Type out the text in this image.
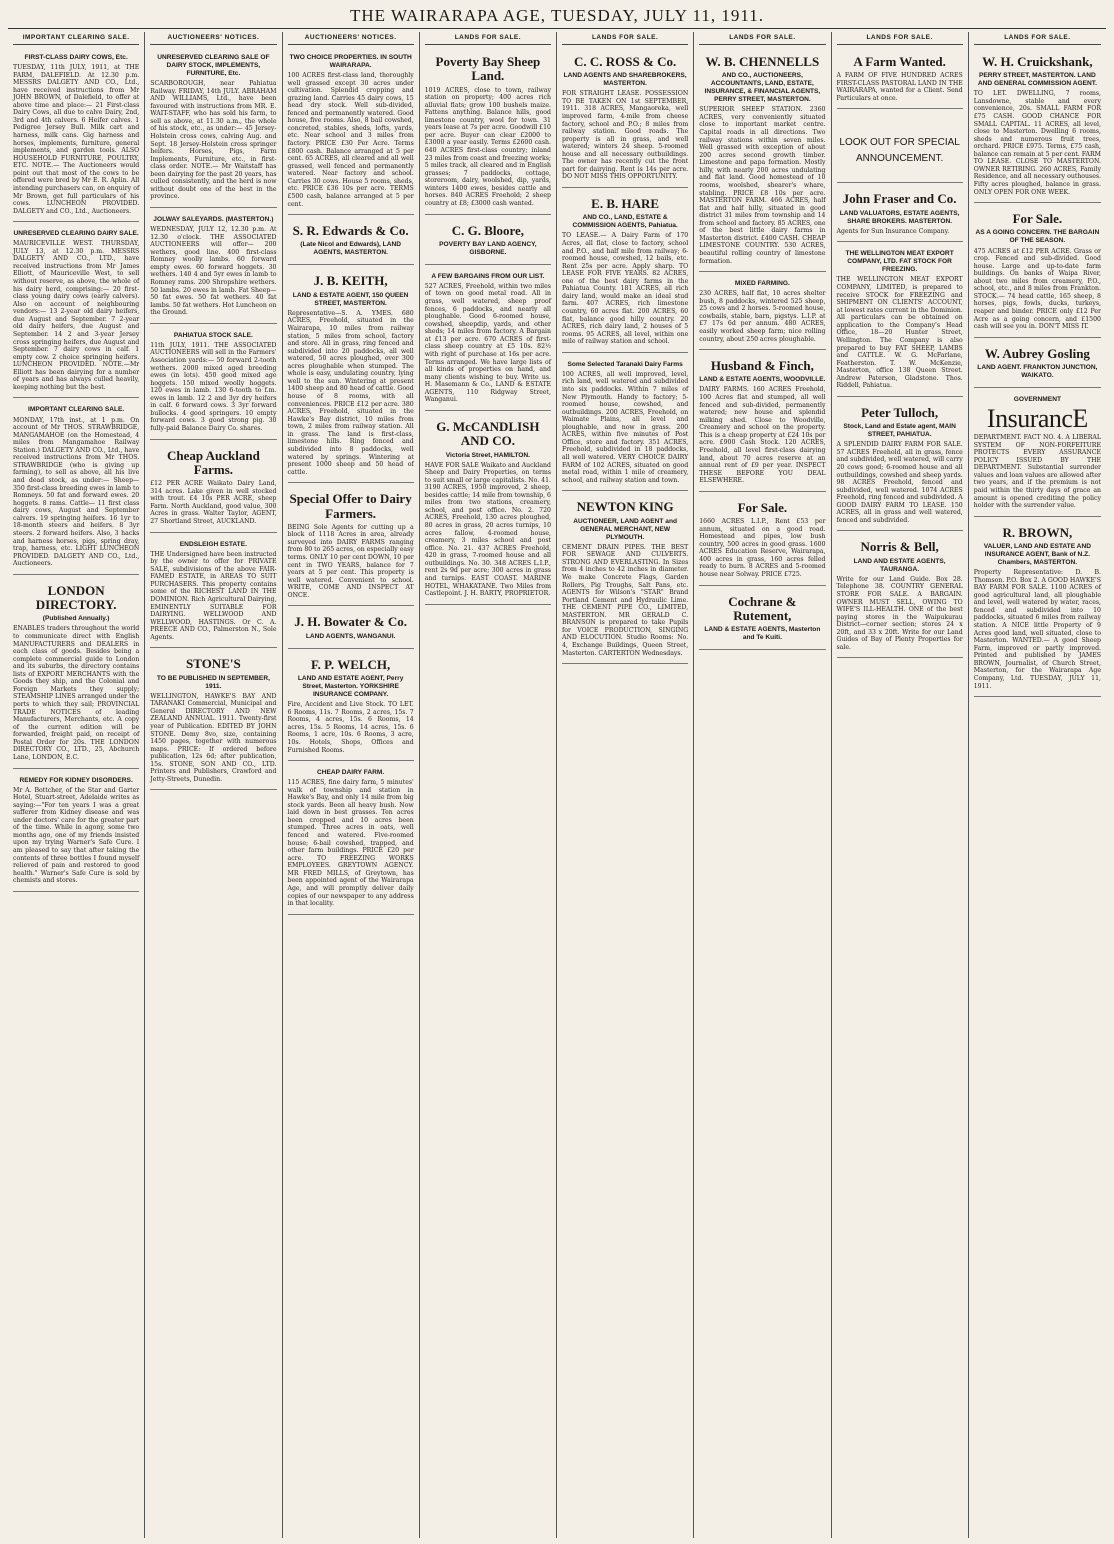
THE WAIRARAPA AGE, TUESDAY, JULY 11, 1911.
IMPORTANT CLEARING SALE.
FIRST-CLASS DAIRY COWS, Etc.

TUESDAY, 11th JULY, 1911, at THE FARM, DALEFIELD. At 12.30 p.m. MESSRS DALGETY AND CO., Ltd., have received instructions from Mr JOHN BROWN, of Dalefield, to offer at above time and place:— 21 First-class Dairy Cows, all due to calve Dairy, 2nd, 3rd and 4th calvers. 6 Heifer calves. 1 Pedigree Jersey Bull. Milk cart and harness, milk cans. Gig harness and horses, implements, furniture, general implements, and garden tools. ALSO HOUSEHOLD FURNITURE, POULTRY, ETC. NOTE.— The Auctioneers would point out that most of the cows to be offered were bred by Mr E. R. Aplin. All intending purchasers can, on enquiry of Mr Brown, get full particulars of his cows. LUNCHEON PROVIDED. DALGETY and CO., Ltd., Auctioneers.

UNRESERVED CLEARING DAIRY SALE.

MAURICEVILLE WEST. THURSDAY, JULY 13, at 12.30 p.m. MESSRS DALGETY AND CO., LTD., have received instructions from Mr James Elliott, of Mauriceville West, to sell without reserve, as above, the whole of his dairy herd, comprising:— 20 first-class young dairy cows (early calvers). Also on account of neighbouring vendors:— 13 2-year old dairy heifers, due August and September. 7 2-year old dairy heifers, due August and September. 14 2 and 3-year Jersey cross springing heifers, due August and September. 7 dairy cows in calf. 1 empty cow. 2 choice springing heifers. LUNCHEON PROVIDED. NOTE.—Mr Elliott has been dairying for a number of years and has always culled heavily, keeping nothing but the best.

IMPORTANT CLEARING SALE.

MONDAY, 17th inst., at 1 p.m. On account of Mr THOS. STRAWBRIDGE, MANGAMAHOE (on the Homestead, 4 miles from Mangamahoe Railway Station.) DALGETY AND CO., Ltd., have received instructions from Mr THOS. STRAWBRIDGE (who is giving up farming), to sell as above, all his live and dead stock, as under:— Sheep— 350 first-class breeding ewes in lamb to Romneys. 50 fat and forward ewes. 20 hoggets. 8 rams. Cattle— 11 first class dairy cows, August and September calvers. 19 springing heifers. 16 1yr to 18-month steers and heifers. 8 3yr steers. 2 forward heifers. Also, 3 hacks and harness horses, pigs, spring dray, trap, harness, etc. LIGHT LUNCHEON PROVIDED. DALGETY AND CO., Ltd., Auctioneers.

LONDON DIRECTORY.
(Published Annually.)

ENABLES traders throughout the world to communicate direct with English MANUFACTURERS and DEALERS in each class of goods. Besides being a complete commercial guide to London and its suburbs, the directory contains lists of EXPORT MERCHANTS with the Goods they ship, and the Colonial and Foreign Markets they supply; STEAMSHIP LINES arranged under the ports to which they sail; PROVINCIAL TRADE NOTICES of leading Manufacturers, Merchants, etc. A copy of the current edition will be forwarded, freight paid, on receipt of Postal Order for 20s. THE LONDON DIRECTORY CO., LTD., 25, Abchurch Lane, LONDON, E.C.

REMEDY FOR KIDNEY DISORDERS.

Mr A. Bottcher, of the Star and Garter Hotel, Stuart-street, Adelaide writes as saying:—"For ten years I was a great sufferer from Kidney disease and was under doctors' care for the greater part of the time. While in agony, some two months ago, one of my friends insisted upon my trying Warner's Safe Cure. I am pleased to say that after taking the contents of three bottles I found myself relieved of pain and restored to good health." Warner's Safe Cure is sold by chemists and stores.

AUCTIONEERS' NOTICES.
UNRESERVED CLEARING SALE OF DAIRY STOCK, IMPLEMENTS, FURNITURE, Etc.

SCARBOROUGH, near Pahiatua Railway. FRIDAY, 14th JULY. ABRAHAM AND WILLIAMS, Ltd., have been favoured with instructions from MR. E. WAIT-STAFF, who has sold his farm, to sell as above, at 11.30 a.m., the whole of his stock, etc., as under:— 45 Jersey-Holstein cross cows, calving Aug. and Sept. 18 Jersey-Holstein cross springer heifers. Horses, Pigs, Farm Implements, Furniture, etc., in first-class order. NOTE.— Mr Waitstaff has been dairying for the past 20 years, has culled consistently, and the herd is now without doubt one of the best in the province.

JOLWAY SALEYARDS. (MASTERTON.)

WEDNESDAY, JULY 12, 12.30 p.m. At 12.30 o'clock. THE ASSOCIATED AUCTIONEERS will offer— 200 wethers, good line. 400 first-class Romney woolly lambs. 60 forward empty ewes. 60 forward hoggets. 30 wethers. 140 4 and 5yr ewes in lamb to Romney rams. 200 Shropshire wethers. 50 lambs. 20 ewes in lamb. Fat Sheep— 50 fat ewes. 50 fat wethers. 40 fat lambs. 50 fat wethers. Hot Luncheon on the Ground.

PAHIATUA STOCK SALE.

11th JULY, 1911. THE ASSOCIATED AUCTIONEERS will sell in the Farmers' Association yards:— 50 forward 2-tooth wethers. 2000 mixed aged breeding ewes (in lots). 450 good mixed age hoggets. 150 mixed woolly hoggets. 120 ewes in lamb. 130 6-tooth to f.m. ewes in lamb. 12 2 and 3yr dry heifers in calf. 6 forward cows. 3 3yr forward bullocks. 4 good springers. 10 empty forward cows. 3 good strong pig. 30 fully-paid Balance Dairy Co. shares.

Cheap Auckland Farms.

£12 PER ACRE Waikato Dairy Land, 314 acres. Lake given in well stocked with trout. £4 10s PER ACRE, sheep Farm. North Auckland, good value, 300 Acres in grass. Walter Taylor, AGENT, 27 Shortland Street, AUCKLAND.

ENDSLEIGH ESTATE.

THE Undersigned have been instructed by the owner to offer for PRIVATE SALE, subdivisions of the above FAIR-FAMED ESTATE, in AREAS TO SUIT PURCHASERS. This property contains some of the RICHEST LAND IN THE DOMINION. Rich Agricultural Dairying, EMINENTLY SUITABLE FOR DAIRYING. WELLWOOD AND WELLWOOD, HASTINGS. Or C. A. PREECE AND CO., Palmerston N., Sole Agents.

STONE'S
TO BE PUBLISHED IN SEPTEMBER, 1911.

WELLINGTON, HAWKE'S BAY AND TARANAKI Commercial, Municipal and General DIRECTORY AND NEW ZEALAND ANNUAL. 1911. Twenty-first year of Publication. EDITED BY JOHN STONE. Demy 8vo, size, containing 1450 pages, together with numerous maps. PRICE: If ordered before publication, 12s 6d; after publication, 15s. STONE, SON AND CO., LTD. Printers and Publishers, Crawford and Jetty-Streets, Dunedin.

AUCTIONEERS' NOTICES.
TWO CHOICE PROPERTIES. IN SOUTH WAIRARAPA.

100 ACRES first-class land, thoroughly well grassed except 30 acres under cultivation. Splendid cropping and grazing land. Carries 45 dairy cows, 15 head dry stock. Well sub-divided, fenced and permanently watered. Good house, five rooms. Also, 8 bail cowshed, concreted, stables, sheds, lofts, yards, etc. Near school and 3 miles from factory. PRICE £30 Per Acre. Terms £800 cash. Balance arranged at 5 per cent. 65 ACRES, all cleared and all well grassed, well fenced and permanently watered. Near factory and school. Carries 30 cows. House 5 rooms, sheds, etc. PRICE £36 10s per acre. TERMS £500 cash, balance arranged at 5 per cent.

S. R. Edwards & Co.
(Late Nicol and Edwards), LAND AGENTS, MASTERTON.
J. B. KEITH,
LAND & ESTATE AGENT, 150 QUEEN STREET, MASTERTON.

Representative—S. A. YMES. 680 ACRES, Freehold, situated in the Wairarapa, 10 miles from railway station, 5 miles from school, factory and store. All in grass, ring fenced and subdivided into 20 paddocks, all well watered, 50 acres ploughed, over 300 acres ploughable when stumped. The whole is easy, undulating country, lying well to the sun. Wintering at present 1400 sheep and 80 head of cattle. Good house of 8 rooms, with all conveniences. PRICE £12 per acre. 380 ACRES, Freehold, situated in the Hawke's Bay district, 10 miles from town, 2 miles from railway station. All in grass. The land is first-class, limestone hills. Ring fenced and subdivided into 8 paddocks, well watered by springs. Wintering at present 1000 sheep and 50 head of cattle.

Special Offer to Dairy Farmers.

BEING Sole Agents for cutting up a block of 1118 Acres in area, already surveyed into DAIRY FARMS ranging from 80 to 265 acres, on especially easy terms. ONLY 10 per cent DOWN, 10 per cent in TWO YEARS, balance for 7 years at 5 per cent. This property is well watered. Convenient to school. WRITE, COME AND INSPECT AT ONCE.

J. H. Bowater & Co.
LAND AGENTS, WANGANUI.
F. P. WELCH,
LAND AND ESTATE AGENT, Perry Street, Masterton. YORKSHIRE INSURANCE COMPANY.

Fire, Accident and Live Stock. TO LET. 6 Rooms, 11s. 7 Rooms, 2 acres, 15s. 7 Rooms, 4 acres, 15s. 6 Rooms, 14 acres, 15s. 5 Rooms, 14 acres, 15s. 6 Rooms, 1 acre, 10s. 6 Rooms, 3 acre, 10s. Hotels, Shops, Offices and Furnished Rooms.

CHEAP DAIRY FARM.

115 ACRES, fine dairy farm, 5 minutes' walk of township and station in Hawke's Bay, and only 14 mile from big stock yards. Been all heavy bush. Now laid down in best grasses. Ten acres been cropped and 10 acres been stumped. Three acres in oats, well fenced and watered. Five-roomed house; 6-bail cowshed, trapped, and other farm buildings. PRICE £20 per acre. TO FREEZING WORKS EMPLOYEES. GREYTOWN AGENCY. MR FRED MILLS, of Greytown, has been appointed agent of the Wairarapa Age, and will promptly deliver daily copies of our newspaper to any address in that locality.

LANDS FOR SALE.
Poverty Bay Sheep Land.

1019 ACRES, close to town, railway station on property; 400 acres rich alluvial flats; grow 100 bushels maize. Fattens anything. Balance hills, good limestone country, wool for town. 31 years lease at 7s per acre. Goodwill £10 per acre. Buyer can clear £2000 to £3000 a year easily. Terms £2600 cash. 640 ACRES first-class country; inland 23 miles from coast and freezing works; 5 miles track, all cleared and in English grasses; 7 paddocks, cottage, storeroom, dairy, woolshed, dip, yards, winters 1400 ewes, besides cattle and horses. 840 ACRES Freehold; 2 sheep country at £8; £3000 cash wanted.

C. G. Bloore,
POVERTY BAY LAND AGENCY, GISBORNE.
A FEW BARGAINS FROM OUR LIST.

527 ACRES, Freehold, within two miles of town on good metal road. All in grass, well watered, sheep proof fences, 6 paddocks, and nearly all ploughable. Good 6-roomed house, cowshed, sheepdip, yards, and other sheds; 14 miles from factory. A Bargain at £13 per acre. 670 ACRES of first-class sheep country at £5 10s. 82½ with right of purchase at 16s per acre. Terms arranged. We have large lists of all kinds of properties on hand, and many clients wishing to buy. Write us. H. Masemann & Co., LAND & ESTATE AGENTS, 110 Ridgway Street, Wanganui.

G. McCANDLISH AND CO.
Victoria Street, HAMILTON.

HAVE FOR SALE Waikato and Auckland Sheep and Dairy Properties, on terms to suit small or large capitalists. No. 41. 3190 ACRES, 1950 improved, 2 sheep, besides cattle; 14 mile from township, 6 miles from two stations, creamery, school, and post office. No. 2. 720 ACRES, Freehold, 130 acres ploughed, 80 acres in grass, 20 acres turnips, 10 acres fallow, 4-roomed house, creamery, 3 miles school and post office. No. 21. 437 ACRES Freehold, 420 in grass, 7-roomed house and all outbuildings. No. 30. 348 ACRES L.I.P., rent 2s 9d per acre; 300 acres in grass and turnips. EAST COAST. MARINE HOTEL, WHAKATANE. Two Miles from Castlepoint. J. H. BARTY, PROPRIETOR.

LANDS FOR SALE.
C. C. ROSS & Co.
LAND AGENTS AND SHAREBROKERS, MASTERTON.

FOR STRAIGHT LEASE. POSSESSION TO BE TAKEN ON 1st SEPTEMBER, 1911. 318 ACRES, Mangaoreka, well improved farm, 4-mile from cheese factory, school and P.O.; 8 miles from railway station. Good roads. The property is all in grass, and well watered; winters 24 sheep. 5-roomed house and all necessary outbuildings. The owner has recently cut the front part for dairying. Rent is 14s per acre. DO NOT MISS THIS OPPORTUNITY.

E. B. HARE
AND CO., LAND, ESTATE & COMMISSION AGENTS, Pahiatua.

TO LEASE.— A Dairy Farm of 170 Acres, all flat, close to factory, school and P.O., and half mile from railway; 6-roomed house, cowshed, 12 bails, etc. Rent 25s per acre. Apply sharp. TO LEASE FOR FIVE YEARS. 82 ACRES, one of the best dairy farms in the Pahiatua County. 181 ACRES, all rich dairy land, would make an ideal stud farm. 407 ACRES, rich limestone country, 60 acres flat. 200 ACRES, 60 flat, balance good hilly country. 20 ACRES, rich dairy land, 2 houses of 5 rooms. 95 ACRES, all level, within one mile of railway station and school.

Some Selected Taranaki Dairy Farms

100 ACRES, all well improved, level, rich land, well watered and subdivided into six paddocks. Within 7 miles of New Plymouth. Handy to factory; 5-roomed house, cowshed, and outbuildings. 200 ACRES, Freehold, on Waimate Plains, all level and ploughable, and now in grass. 200 ACRES, within five minutes of Post Office, store and factory. 351 ACRES, Freehold, subdivided in 18 paddocks, all well watered. VERY CHOICE DAIRY FARM of 102 ACRES, situated on good metal road, within 1 mile of creamery, school, and railway station and town.

NEWTON KING
AUCTIONEER, LAND AGENT and GENERAL MERCHANT, NEW PLYMOUTH.

CEMENT DRAIN PIPES. THE BEST FOR SEWAGE AND CULVERTS. STRONG AND EVERLASTING. In Sizes from 4 inches to 42 inches in diameter. We make Concrete Flags, Garden Rollers, Pig Troughs, Salt Pans, etc. AGENTS for Wilson's "STAR" Brand Portland Cement and Hydraulic Lime. THE CEMENT PIPE CO., LIMITED, MASTERTON. MR GERALD C. BRANSON is prepared to take Pupils for VOICE PRODUCTION, SINGING AND ELOCUTION. Studio Rooms: No. 4, Exchange Buildings, Queen Street, Masterton. CARTERTON Wednesdays.

LANDS FOR SALE.
W. B. CHENNELLS
AND CO., AUCTIONEERS, ACCOUNTANTS, LAND, ESTATE, INSURANCE, & FINANCIAL AGENTS, PERRY STREET, MASTERTON.

SUPERIOR SHEEP STATION. 2360 ACRES, very conveniently situated close to important market centre. Capital roads in all directions. Two railway stations within seven miles. Well grassed with exception of about 200 acres second growth timber. Limestone and papa formation. Mostly hilly, with nearly 200 acres undulating and flat land. Good homestead of 10 rooms, woolshed, shearer's whare, stabling. PRICE £8 10s per acre. MASTERTON FARM. 466 ACRES, half flat and half hilly, situated in good district 31 miles from township and 14 from school and factory. 85 ACRES, one of the best little dairy farms in Masterton district. £400 CASH. CHEAP LIMESTONE COUNTRY. 530 ACRES, beautiful rolling country of limestone formation.

MIXED FARMING.

230 ACRES, half flat, 10 acres shelter bush, 8 paddocks, wintered 525 sheep, 25 cows and 2 horses. 5-roomed house, cowbails, stable, barn, pigstys. L.I.P. at £7 17s 6d per annum. 480 ACRES, easily worked sheep farm; nice rolling country, about 250 acres ploughable.

Husband & Finch,
LAND & ESTATE AGENTS, WOODVILLE.

DAIRY FARMS. 160 ACRES Freehold, 100 Acres flat and stumped, all well fenced and sub-divided, permanently watered; new house and splendid milking shed. Close to Woodville, Creamery and school on the property. This is a cheap property at £24 10s per acre. £900 Cash Stock. 120 ACRES, Freehold, all level first-class dairying land, about 70 acres reserve at an annual rent of £9 per year. INSPECT THESE BEFORE YOU DEAL ELSEWHERE.

For Sale.

1660 ACRES L.I.P., Rent £53 per annum, situated on a good road. Homestead and pipes, low bush country, 500 acres in good grass. 1600 ACRES Education Reserve, Wairarapa, 400 acres in grass, 160 acres felled ready to burn. 8 ACRES and 5-roomed house near Solway. PRICE £725.

Cochrane & Rutement,
LAND & ESTATE AGENTS, Masterton and Te Kuiti.
LANDS FOR SALE.
A Farm Wanted.

A FARM OF FIVE HUNDRED ACRES FIRST-CLASS PASTORAL LAND IN THE WAIRARAPA, wanted for a Client. Send Particulars at once.

LOOK OUT FOR SPECIAL ANNOUNCEMENT.
John Fraser and Co.
LAND VALUATORS, ESTATE AGENTS, SHARE BROKERS. MASTERTON.

Agents for Sun Insurance Company.

THE WELLINGTON MEAT EXPORT COMPANY, LTD. FAT STOCK FOR FREEZING.

THE WELLINGTON MEAT EXPORT COMPANY, LIMITED, is prepared to receive STOCK for FREEZING and SHIPMENT ON CLIENTS' ACCOUNT, at lowest rates current in the Dominion. All particulars can be obtained on application to the Company's Head Office, 18—20 Hunter Street, Wellington. The Company is also prepared to buy FAT SHEEP, LAMBS and CATTLE. W. G. McFarlane, Featherston. T. W. McKenzie, Masterton, office 138 Queen Street. Andrew Paterson, Gladstone. Thos. Riddell, Pahiatua.

Peter Tulloch,
Stock, Land and Estate agent, MAIN STREET, PAHIATUA.

A SPLENDID DAIRY FARM FOR SALE. 57 ACRES Freehold, all in grass, fence and subdivided, well watered, will carry 20 cows good; 6-roomed house and all outbuildings, cowshed and sheep yards. 98 ACRES Freehold, fenced and subdivided, well watered. 1074 ACRES Freehold, ring fenced and subdivided. A GOOD DAIRY FARM TO LEASE. 150 ACRES, all in grass and well watered, fenced and subdivided.

Norris & Bell,
LAND AND ESTATE AGENTS, TAURANGA.

Write for our Land Guide. Box 28. Telephone 38. COUNTRY GENERAL STORE FOR SALE. A BARGAIN. OWNER MUST SELL, OWING TO WIFE'S ILL-HEALTH. ONE of the best paying stores in the Waipukurau District—corner section; stores 24 x 20ft, and 33 x 20ft. Write for our Land Guides of Bay of Plenty Properties for sale.

LANDS FOR SALE.
W. H. Cruickshank,
PERRY STREET, MASTERTON. LAND AND GENERAL COMMISSION AGENT.

TO LET. DWELLING, 7 rooms, Lansdowne, stable and every convenience, 20s. SMALL FARM FOR £75 CASH. GOOD CHANCE FOR SMALL CAPITAL. 11 ACRES, all level, close to Masterton. Dwelling 6 rooms, sheds and numerous fruit trees, orchard. PRICE £975. Terms, £75 cash, balance can remain at 5 per cent. FARM TO LEASE. CLOSE TO MASTERTON. OWNER RETIRING. 260 ACRES, Family Residence, and all necessary outhouses. Fifty acres ploughed, balance in grass. ONLY OPEN FOR ONE WEEK.

For Sale.
AS A GOING CONCERN. THE BARGAIN OF THE SEASON.

475 ACRES at £12 PER ACRE. Grass or crop. Fenced and sub-divided. Good house. Large and up-to-date farm buildings. On banks of Waipa River, about two miles from creamery, P.O., school, etc., and 8 miles from Frankton. STOCK.— 74 head cattle, 165 sheep, 8 horses, pigs, fowls, ducks, turkeys, reaper and binder. PRICE only £12 Per Acre as a going concern, and £1500 cash will see you in. DON'T MISS IT.

W. Aubrey Gosling
LAND AGENT. FRANKTON JUNCTION, WAIKATO.
GOVERNMENT
InsurancE

DEPARTMENT. FACT NO. 4. A LIBERAL SYSTEM OF NON-FORFEITURE PROTECTS EVERY ASSURANCE POLICY ISSUED BY THE DEPARTMENT. Substantial surrender values and loan values are allowed after two years, and if the premium is not paid within the thirty days of grace an amount is opened crediting the policy holder with the surrender value.

R. BROWN,
VALUER, LAND AND ESTATE AND INSURANCE AGENT, Bank of N.Z. Chambers, MASTERTON.

Property Representative: D. B. Thomson. P.O. Box 2. A GOOD HAWKE'S BAY FARM FOR SALE. 1100 ACRES of good agricultural land, all ploughable and level, well watered by water, races, fenced and subdivided into 10 paddocks, situated 6 miles from railway station. A NICE little Property of 9 Acres good land, well situated, close to Masterton. WANTED.— A good Sheep Farm, improved or partly improved. Printed and published by JAMES BROWN, Journalist, of Church Street, Masterton, for the Wairarapa Age Company, Ltd. TUESDAY, JULY 11, 1911.
